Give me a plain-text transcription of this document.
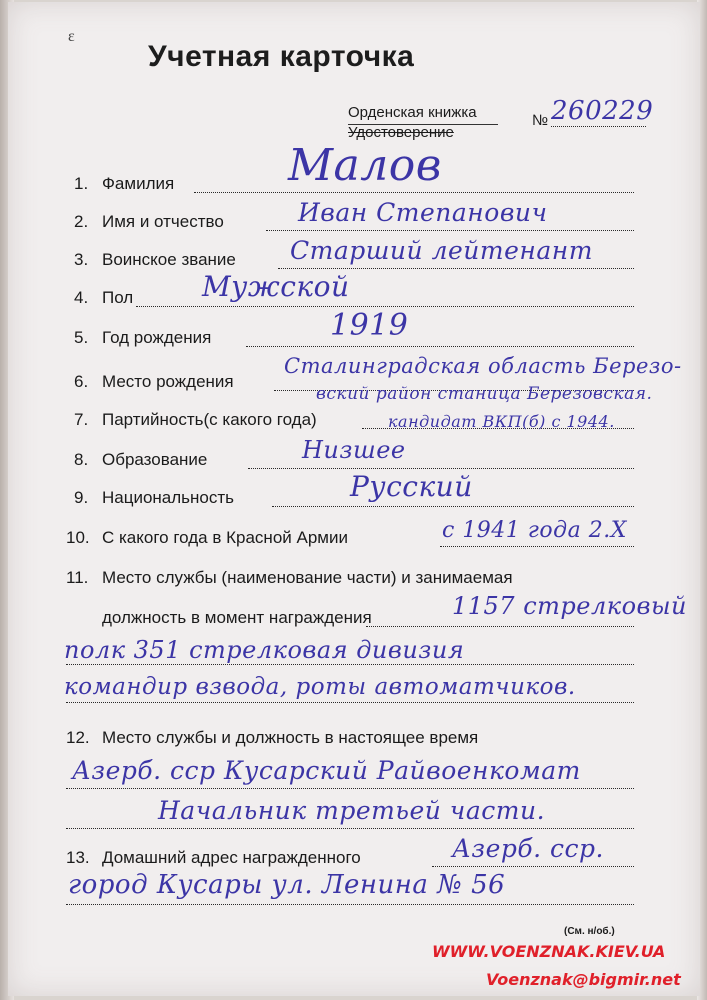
ɛ
Учетная карточка
Орденская книжка
Удостоверение
№ 260229
1. Фамилия	Малов
2. Имя и отчество	Иван Степанович
3. Воинское звание Старший лейтенант
4. Пол Мужской
5. Год рождения	1919
6. Место рождения
Сталинградская область Березо-
вский район станица Березовская.
7. Партийность(с какого года)	кандидат ВКП(б) с 1944.
8. Образование	Низшее
9. Национальность	Русский
10. С какого года в Красной Армии	с 1941 года 2.X
11. Место службы (наименование части) и занимаемая
должность в момент награждения	1157 стрелковый
полк 351 стрелковая дивизия
командир взвода, роты автоматчиков.
12. Место службы и должность в настоящее время
Азерб. сср Кусарский Райвоенкомат
Начальник третьей части.
13. Домашний адрес награжденного	Азерб. сср.
город Кусары ул. Ленина № 56
(См. н/об.)
WWW.VOENZNAK.KIEV.UA
Voenznak@bigmir.net
